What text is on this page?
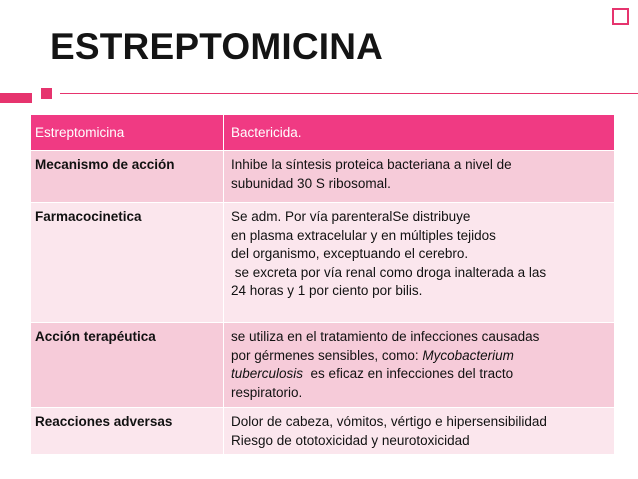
ESTREPTOMICINA
Estreptomicina	Bactericida.
Mecanismo de acción	Inhibe la síntesis proteica bacteriana a nivel de
subunidad 30 S ribosomal.

Farmacocinetica	Se adm. Por vía parenteralSe distribuye
en plasma extracelular y en múltiples tejidos
del organismo, exceptuando el cerebro.
se excreta por vía renal como droga inalterada a las
24 horas y 1 por ciento por bilis.

Acción terapéutica	se utiliza en el tratamiento de infecciones causadas
por gérmenes sensibles, como: Mycobacterium
tuberculosis  es eficaz en infecciones del tracto
respiratorio.

Reacciones adversas	Dolor de cabeza, vómitos, vértigo e hipersensibilidad
Riesgo de ototoxicidad y neurotoxicidad
